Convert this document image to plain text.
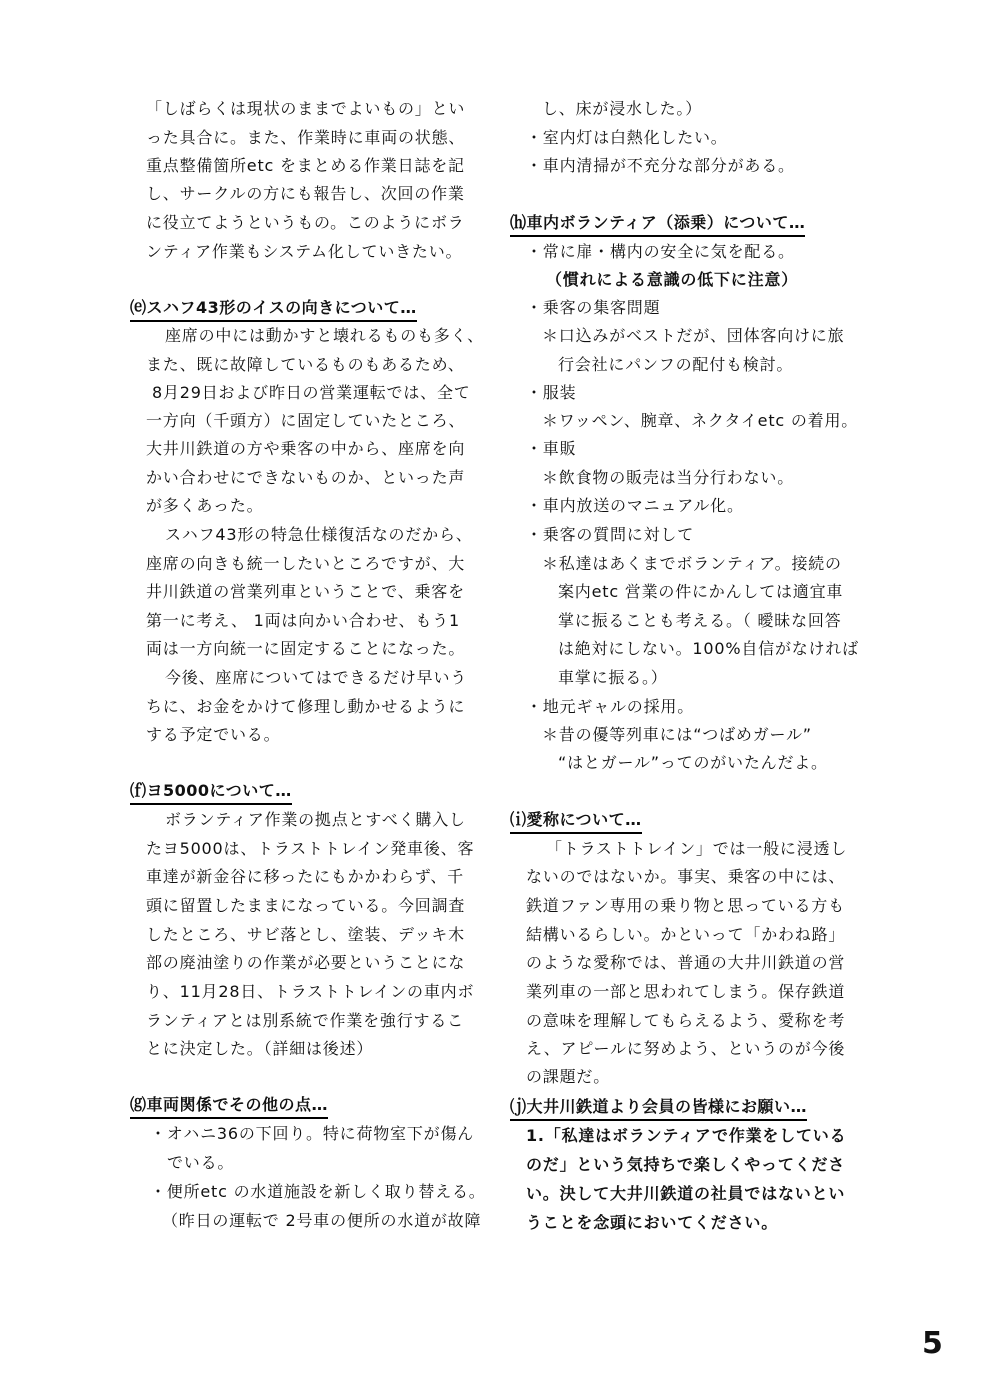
「しばらくは現状のままでよいもの」とい
った具合に。また、作業時に車両の状態、
重点整備箇所etc をまとめる作業日誌を記
し、サークルの方にも報告し、次回の作業
に役立てようというもの。このようにボラ
ンティア作業もシステム化していきたい。
⒠スハフ43形のイスの向きについて…
座席の中には動かすと壊れるものも多く、
また、既に故障しているものもあるため、
8月29日および昨日の営業運転では、全て
一方向（千頭方）に固定していたところ、
大井川鉄道の方や乗客の中から、座席を向
かい合わせにできないものか、といった声
が多くあった。
スハフ43形の特急仕様復活なのだから、
座席の向きも統一したいところですが、大
井川鉄道の営業列車ということで、乗客を
第一に考え、 1両は向かい合わせ、もう1
両は一方向統一に固定することになった。
今後、座席についてはできるだけ早いう
ちに、お金をかけて修理し動かせるように
する予定でいる。
⒡ヨ5000について…
ボランティア作業の拠点とすべく購入し
たヨ5000は、トラストトレイン発車後、客
車達が新金谷に移ったにもかかわらず、千
頭に留置したままになっている。今回調査
したところ、サビ落とし、塗装、デッキ木
部の廃油塗りの作業が必要ということにな
り、11月28日、トラストトレインの車内ボ
ランティアとは別系統で作業を強行するこ
とに決定した。（詳細は後述）
⒢車両関係でその他の点…
・オハニ36の下回り。特に荷物室下が傷ん
でいる。
・便所etc の水道施設を新しく取り替える。
（昨日の運転で 2号車の便所の水道が故障
し、床が浸水した。）
・室内灯は白熱化したい。
・車内清掃が不充分な部分がある。
⒣車内ボランティア（添乗）について…
・常に扉・構内の安全に気を配る。
（慣れによる意識の低下に注意）
・乗客の集客問題
＊口込みがベストだが、団体客向けに旅
行会社にパンフの配付も検討。
・服装
＊ワッペン、腕章、ネクタイetc の着用。
・車販
＊飲食物の販売は当分行わない。
・車内放送のマニュアル化。
・乗客の質問に対して
＊私達はあくまでボランティア。接続の
案内etc 営業の件にかんしては適宜車
掌に振ることも考える。（ 曖昧な回答
は絶対にしない。100%自信がなければ
車掌に振る。）
・地元ギャルの採用。
＊昔の優等列車には“つばめガール”
“はとガール”ってのがいたんだよ。
⒤愛称について…
「トラストトレイン」では一般に浸透し
ないのではないか。事実、乗客の中には、
鉄道ファン専用の乗り物と思っている方も
結構いるらしい。かといって「かわね路」
のような愛称では、普通の大井川鉄道の営
業列車の一部と思われてしまう。保存鉄道
の意味を理解してもらえるよう、愛称を考
え、アピールに努めよう、というのが今後
の課題だ。
⒥大井川鉄道より会員の皆様にお願い…
1.「私達はボランティアで作業をしている
のだ」という気持ちで楽しくやってくださ
い。決して大井川鉄道の社員ではないとい
うことを念頭においてください。
5
